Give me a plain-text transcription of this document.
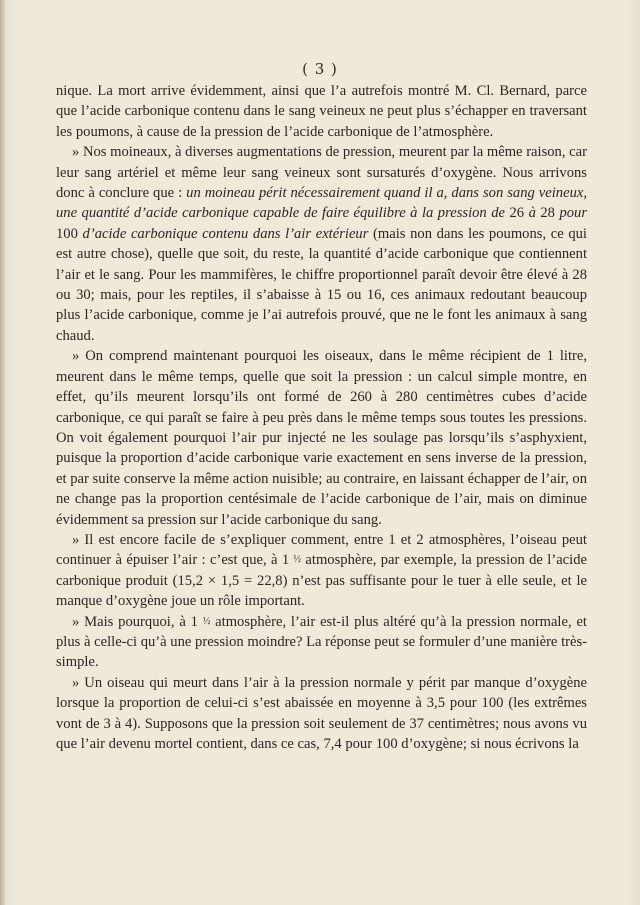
( 3 )

nique. La mort arrive évidemment, ainsi que l’a autrefois montré M. Cl. Bernard, parce que l’acide carbonique contenu dans le sang veineux ne peut plus s’échapper en traversant les poumons, à cause de la pression de l’acide carbonique de l’atmosphère.

» Nos moineaux, à diverses augmentations de pression, meurent par la même raison, car leur sang artériel et même leur sang veineux sont sursaturés d’oxygène. Nous arrivons donc à conclure que : un moineau périt nécessairement quand il a, dans son sang veineux, une quantité d’acide carbonique capable de faire équilibre à la pression de 26 à 28 pour 100 d’acide carbonique contenu dans l’air extérieur (mais non dans les poumons, ce qui est autre chose), quelle que soit, du reste, la quantité d’acide carbonique que contiennent l’air et le sang. Pour les mammifères, le chiffre proportionnel paraît devoir être élevé à 28 ou 30; mais, pour les reptiles, il s’abaisse à 15 ou 16, ces animaux redoutant beaucoup plus l’acide carbonique, comme je l’ai autrefois prouvé, que ne le font les animaux à sang chaud.

» On comprend maintenant pourquoi les oiseaux, dans le même récipient de 1 litre, meurent dans le même temps, quelle que soit la pression : un calcul simple montre, en effet, qu’ils meurent lorsqu’ils ont formé de 260 à 280 centimètres cubes d’acide carbonique, ce qui paraît se faire à peu près dans le même temps sous toutes les pressions. On voit également pourquoi l’air pur injecté ne les soulage pas lorsqu’ils s’asphyxient, puisque la proportion d’acide carbonique varie exactement en sens inverse de la pression, et par suite conserve la même action nuisible; au contraire, en laissant échapper de l’air, on ne change pas la proportion centésimale de l’acide carbonique de l’air, mais on diminue évidemment sa pression sur l’acide carbonique du sang.

» Il est encore facile de s’expliquer comment, entre 1 et 2 atmosphères, l’oiseau peut continuer à épuiser l’air : c’est que, à 1 ½ atmosphère, par exemple, la pression de l’acide carbonique produit (15,2 × 1,5 = 22,8) n’est pas suffisante pour le tuer à elle seule, et le manque d’oxygène joue un rôle important.

» Mais pourquoi, à 1 ½ atmosphère, l’air est-il plus altéré qu’à la pression normale, et plus à celle-ci qu’à une pression moindre? La réponse peut se formuler d’une manière très-simple.

» Un oiseau qui meurt dans l’air à la pression normale y périt par manque d’oxygène lorsque la proportion de celui-ci s’est abaissée en moyenne à 3,5 pour 100 (les extrêmes vont de 3 à 4). Supposons que la pression soit seulement de 37 centimètres; nous avons vu que l’air devenu mortel contient, dans ce cas, 7,4 pour 100 d’oxygène; si nous écrivons la
